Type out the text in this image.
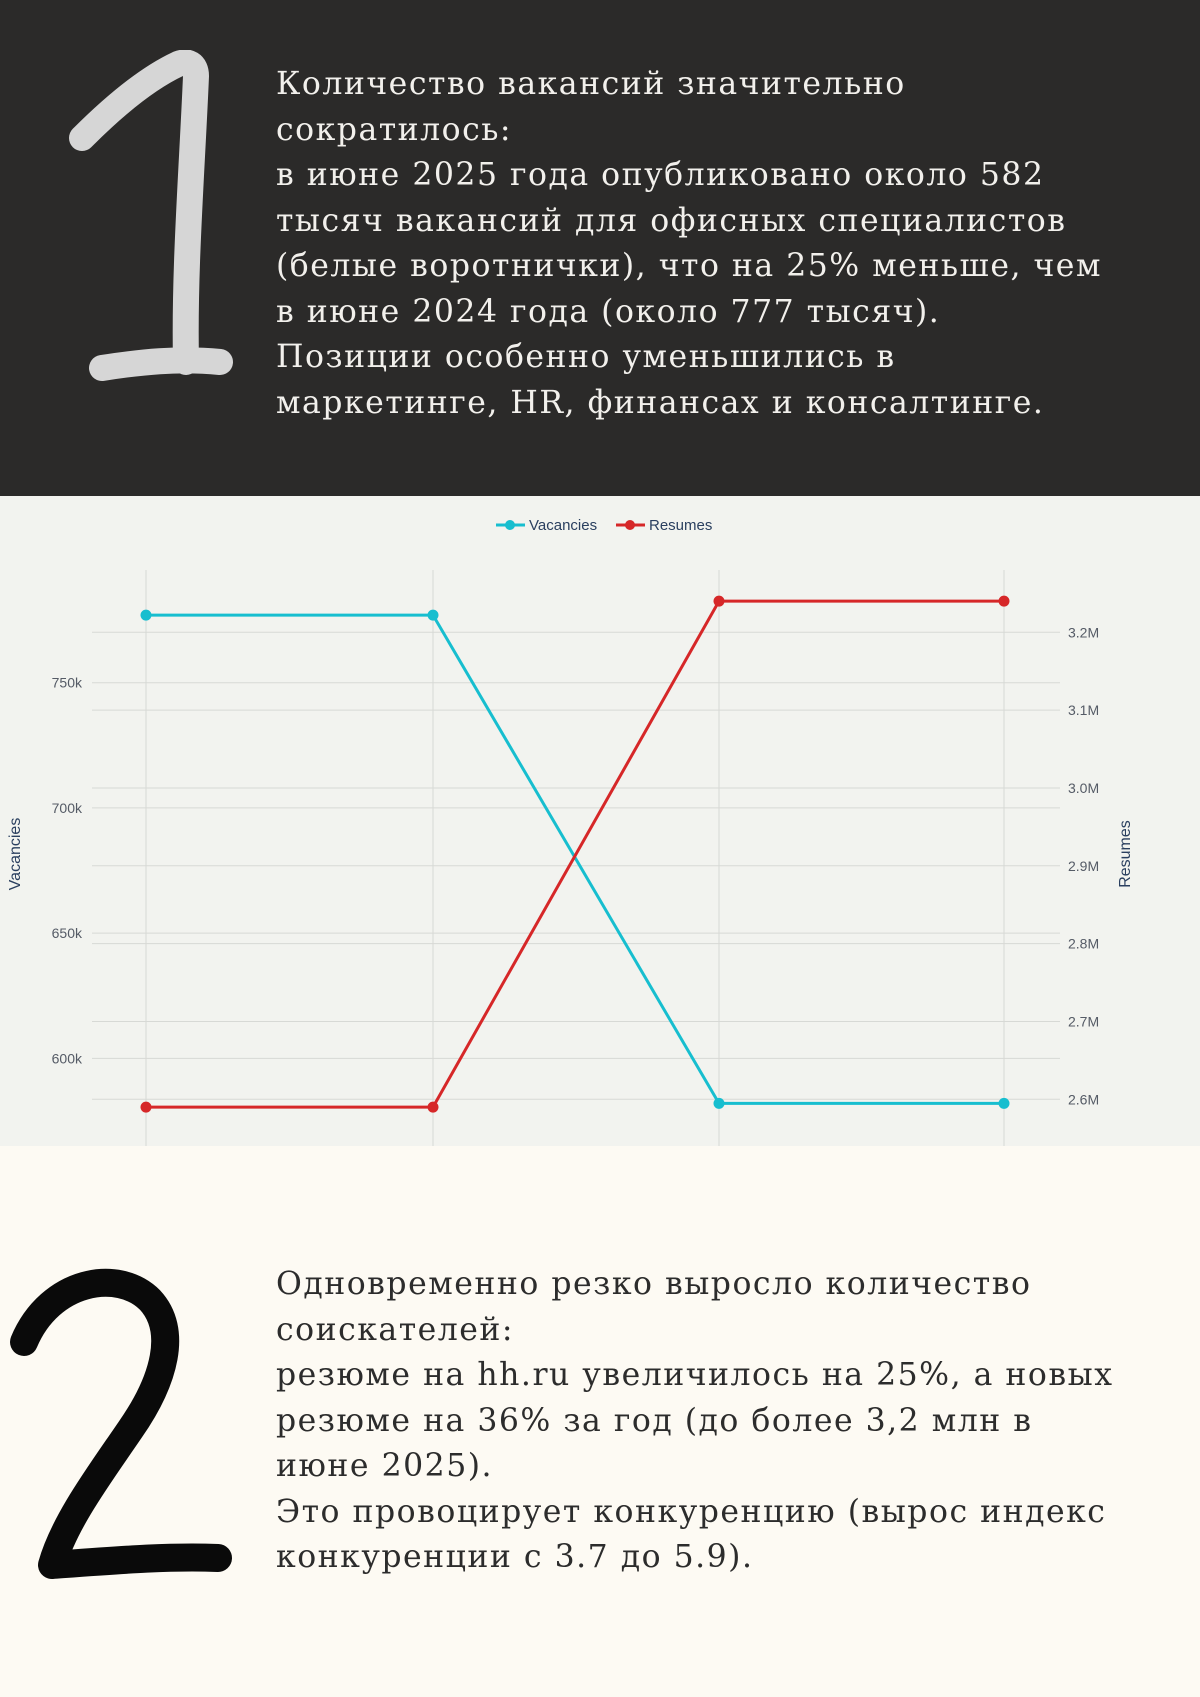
Количество вакансий значительно
сократилось:
в июне 2025 года опубликовано около 582
тысяч вакансий для офисных специалистов
(белые воротнички), что на 25% меньше, чем
в июне 2024 года (около 777 тысяч).
Позиции особенно уменьшились в
маркетинге, HR, финансах и консалтинге.
Vacancies	Resumes
Vacancies	Resumes
600k
650k
700k
750k
2.6M
2.7M
2.8M
2.9M
3.0M
3.1M
3.2M
Одновременно резко выросло количество
соискателей:
резюме на hh.ru увеличилось на 25%, а новых
резюме на 36% за год (до более 3,2 млн в
июне 2025).
Это провоцирует конкуренцию (вырос индекс
конкуренции с 3.7 до 5.9).
